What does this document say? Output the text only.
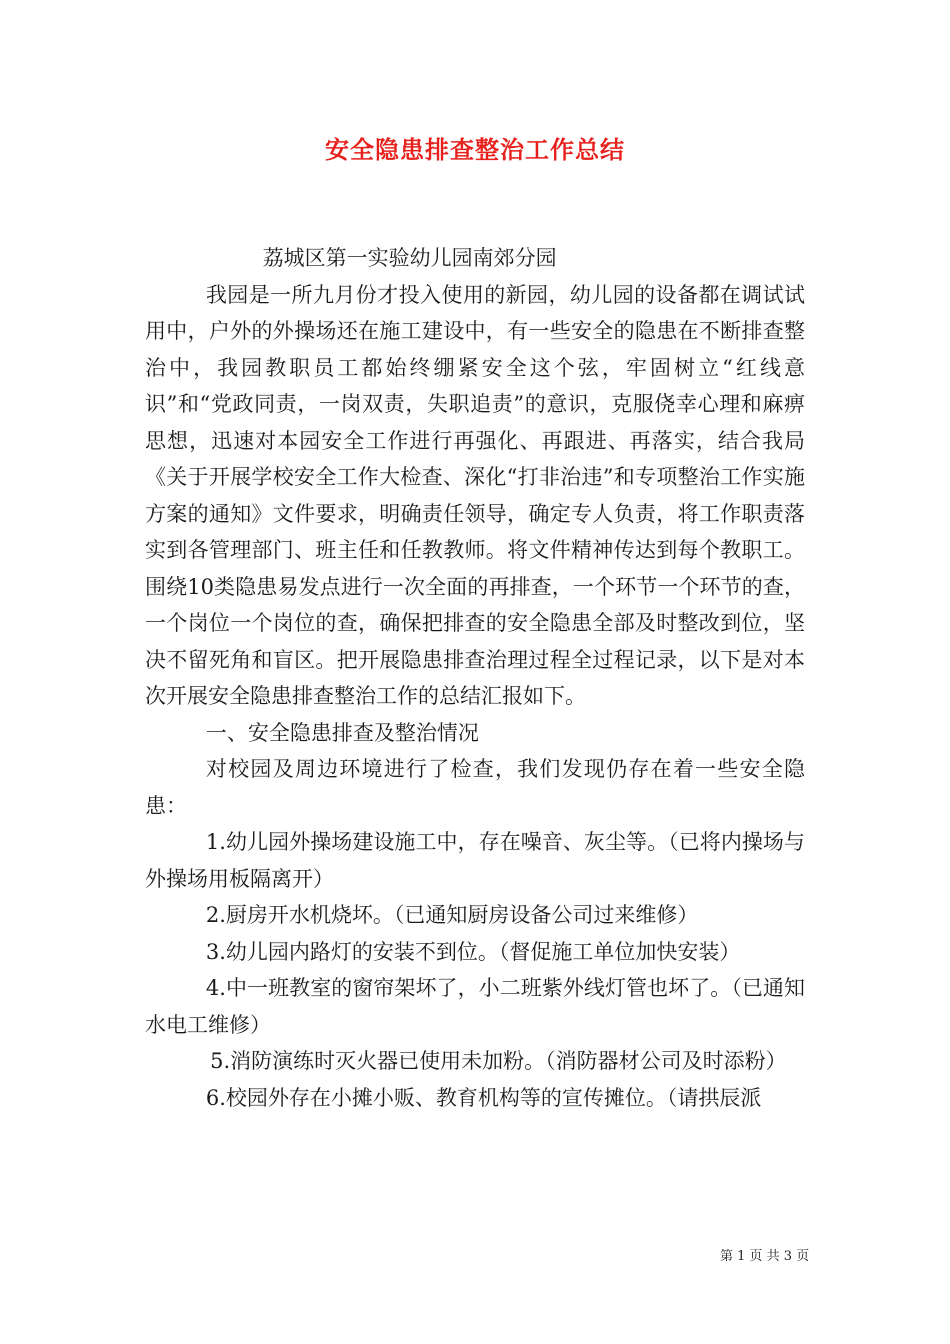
安全隐患排查整治工作总结

荔城区第一实验幼儿园南郊分园

我园是一所九月份才投入使用的新园，幼儿园的设备都在调试试用中，户外的外操场还在施工建设中，有一些安全的隐患在不断排查整治中，我园教职员工都始终绷紧安全这个弦，牢固树立“红线意识”和“党政同责，一岗双责，失职追责”的意识，克服侥幸心理和麻痹思想，迅速对本园安全工作进行再强化、再跟进、再落实，结合我局《关于开展学校安全工作大检查、深化“打非治违”和专项整治工作实施方案的通知》文件要求，明确责任领导，确定专人负责，将工作职责落实到各管理部门、班主任和任教教师。将文件精神传达到每个教职工。围绕10类隐患易发点进行一次全面的再排查，一个环节一个环节的查，一个岗位一个岗位的查，确保把排查的安全隐患全部及时整改到位，坚决不留死角和盲区。把开展隐患排查治理过程全过程记录，以下是对本次开展安全隐患排查整治工作的总结汇报如下。

一、安全隐患排查及整治情况

对校园及周边环境进行了检查，我们发现仍存在着一些安全隐患：

1.幼儿园外操场建设施工中，存在噪音、灰尘等。（已将内操场与外操场用板隔离开）

2.厨房开水机烧坏。（已通知厨房设备公司过来维修）

3.幼儿园内路灯的安装不到位。（督促施工单位加快安装）

4.中一班教室的窗帘架坏了，小二班紫外线灯管也坏了。（已通知水电工维修）

5.消防演练时灭火器已使用未加粉。（消防器材公司及时添粉）

6.校园外存在小摊小贩、教育机构等的宣传摊位。（请拱辰派

第 1 页 共 3 页
